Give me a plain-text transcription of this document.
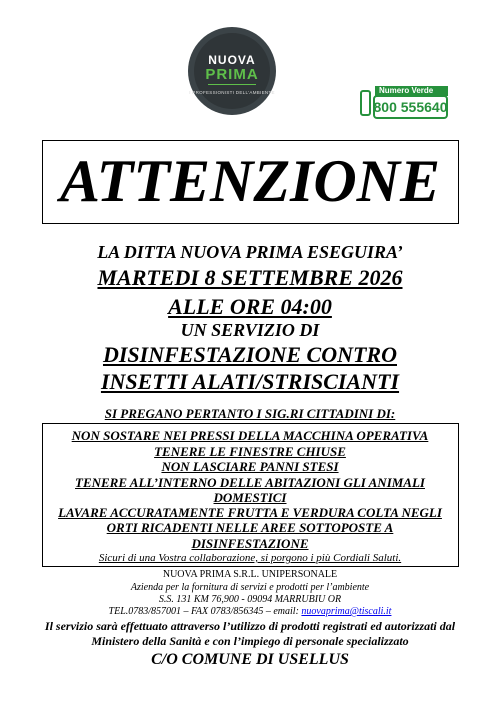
NUOVA
PRIMA
I PROFESSIONISTI DELL'AMBIENTE	Numero Verde
800 555640
ATTENZIONE
LA DITTA NUOVA PRIMA ESEGUIRA’
MARTEDI 8 SETTEMBRE 2026
ALLE ORE 04:00
UN SERVIZIO DI
DISINFESTAZIONE CONTRO
INSETTI ALATI/STRISCIANTI
SI PREGANO PERTANTO I SIG.RI CITTADINI DI:
NON SOSTARE NEI PRESSI DELLA MACCHINA OPERATIVA
TENERE LE FINESTRE CHIUSE
NON LASCIARE PANNI STESI
TENERE ALL’INTERNO DELLE ABITAZIONI GLI ANIMALI
DOMESTICI
LAVARE ACCURATAMENTE FRUTTA E VERDURA COLTA NEGLI
ORTI RICADENTI NELLE AREE SOTTOPOSTE A
DISINFESTAZIONE
Sicuri di una Vostra collaborazione, si porgono i più Cordiali Saluti.
NUOVA PRIMA S.R.L. UNIPERSONALE
Azienda per la fornitura di servizi e prodotti per l’ambiente
S.S. 131 KM 76,900 - 09094 MARRUBIU OR
TEL.0783/857001 – FAX 0783/856345 – email: nuovaprima@tiscali.it
Il servizio sarà effettuato attraverso l’utilizzo di prodotti registrati ed autorizzati dal
Ministero della Sanità e con l’impiego di personale specializzato
C/O COMUNE DI USELLUS
